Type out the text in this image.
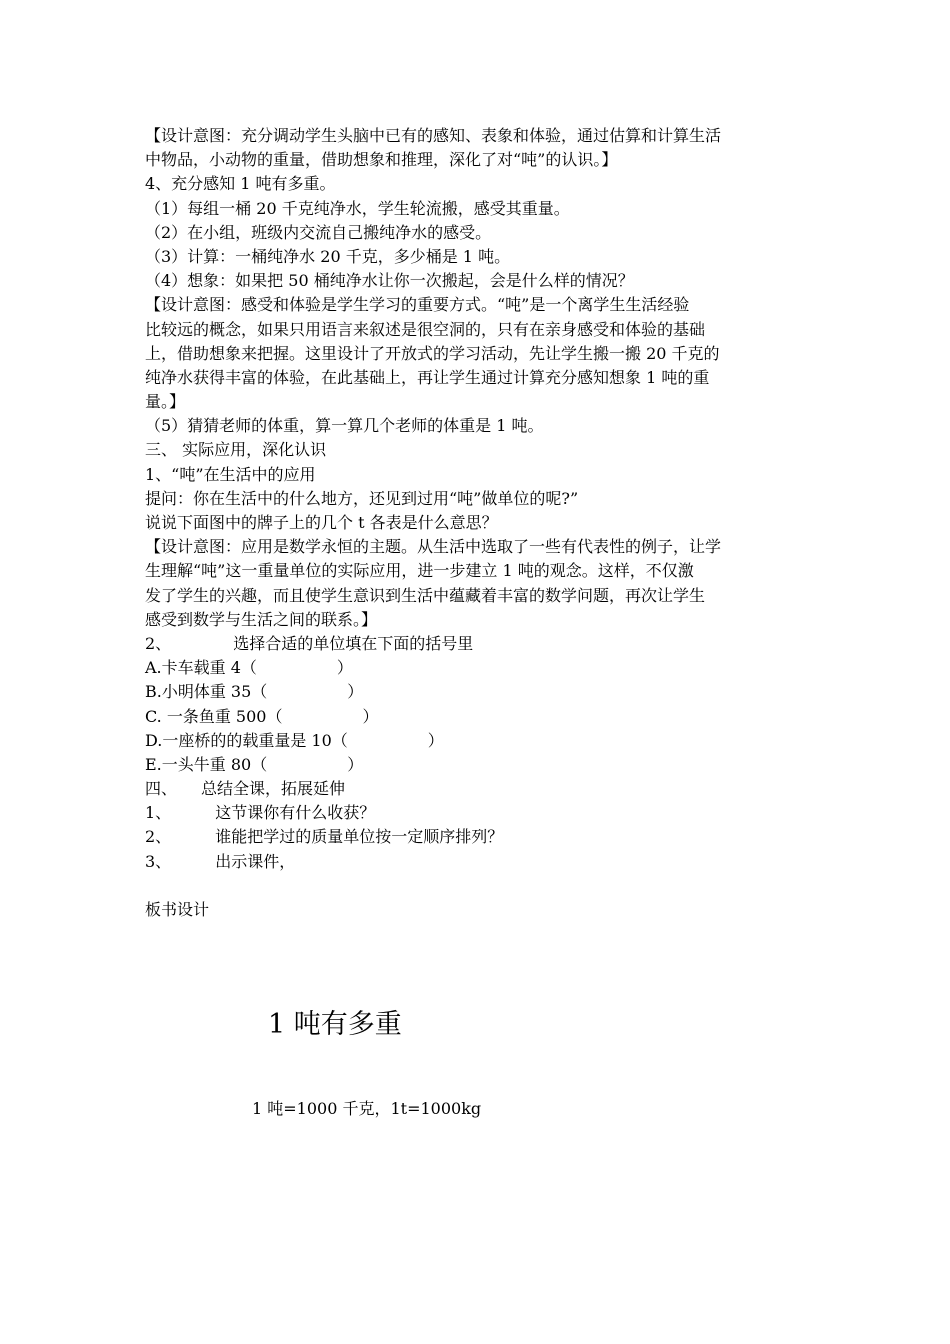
【设计意图：充分调动学生头脑中已有的感知、表象和体验，通过估算和计算生活
中物品，小动物的重量，借助想象和推理，深化了对“吨”的认识。】
4、充分感知 1 吨有多重。
（1）每组一桶 20 千克纯净水，学生轮流搬，感受其重量。
（2）在小组，班级内交流自己搬纯净水的感受。
（3）计算：一桶纯净水 20 千克，多少桶是 1 吨。
（4）想象：如果把 50 桶纯净水让你一次搬起，会是什么样的情况？
【设计意图：感受和体验是学生学习的重要方式。“吨”是一个离学生生活经验
比较远的概念，如果只用语言来叙述是很空洞的，只有在亲身感受和体验的基础
上，借助想象来把握。这里设计了开放式的学习活动，先让学生搬一搬 20 千克的
纯净水获得丰富的体验，在此基础上，再让学生通过计算充分感知想象 1 吨的重
量。】
（5）猜猜老师的体重，算一算几个老师的体重是 1 吨。
三、 实际应用，深化认识
1、“吨”在生活中的应用
提问：你在生活中的什么地方，还见到过用“吨”做单位的呢?”
说说下面图中的牌子上的几个 t 各表是什么意思？
【设计意图：应用是数学永恒的主题。从生活中选取了一些有代表性的例子，让学
生理解“吨”这一重量单位的实际应用，进一步建立 1 吨的观念。这样，不仅激
发了学生的兴趣，而且使学生意识到生活中蕴藏着丰富的数学问题，再次让学生
感受到数学与生活之间的联系。】
2、	选择合适的单位填在下面的括号里
A.卡车载重 4（	）
B.小明体重 35（	）
C. 一条鱼重 500（	）
D.一座桥的的载重量是 10（	）
E.一头牛重 80（	）
四、 总结全课，拓展延伸
1、	这节课你有什么收获？
2、	谁能把学过的质量单位按一定顺序排列？
3、	出示课件，
板书设计
1 吨有多重
1 吨=1000 千克，1t=1000kg
